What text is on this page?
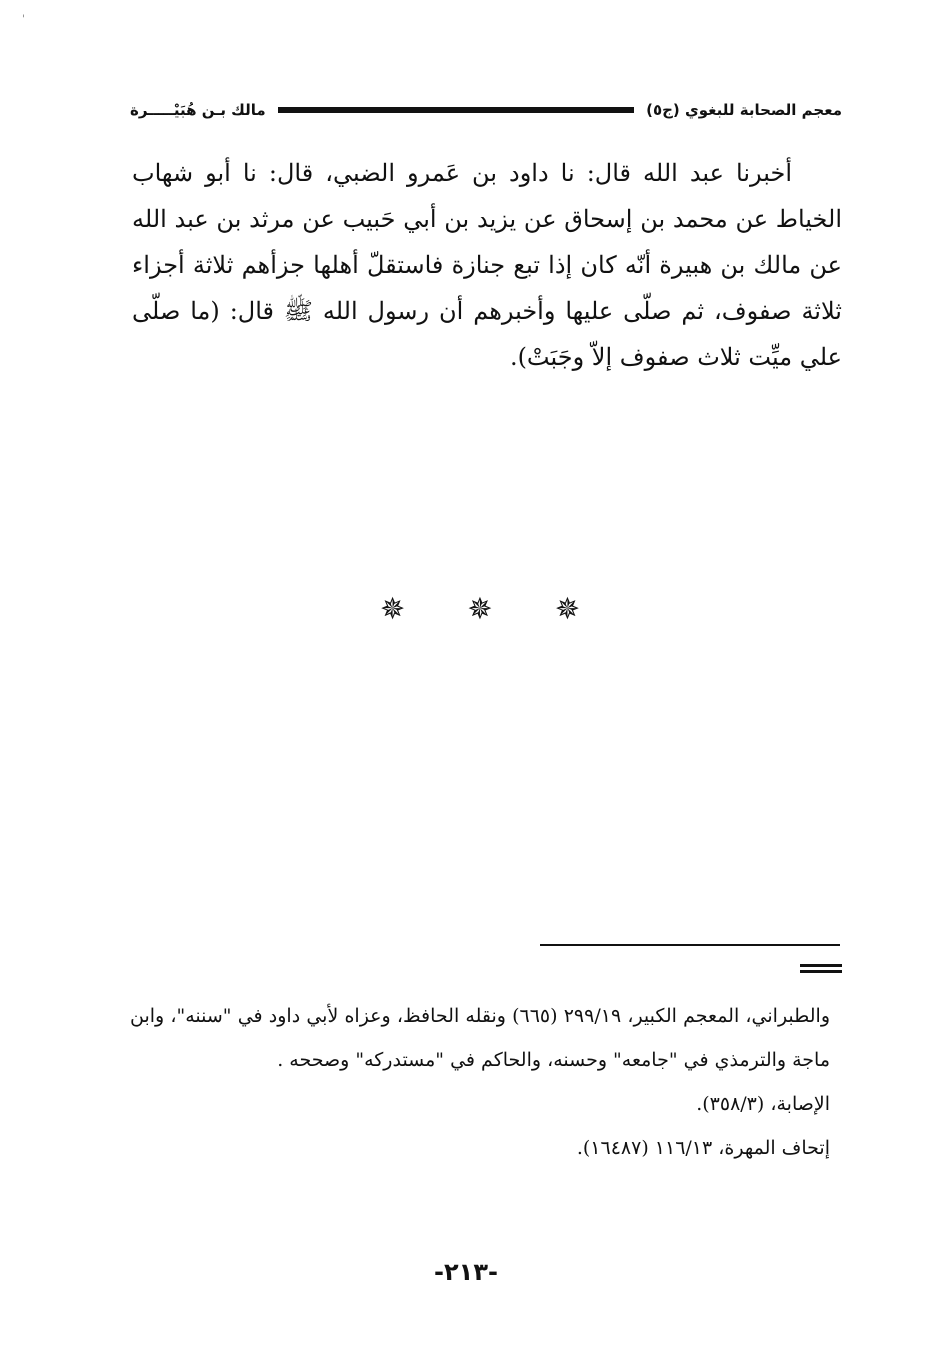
'
معجم الصحابة للبغوي (ج٥)
مالك بـن هُبَيْـــــرة

أخبرنا عبد الله قال: نا داود بن عَمرو الضبي، قال: نا أبو شهاب الخياط عن محمد بن إسحاق عن يزيد بن أبي حَبيب عن مرثد بن عبد الله عن مالك بن هبيرة أنّه كان إذا تبع جنازة فاستقلّ أهلها جزأهم ثلاثة أجزاء ثلاثة صفوف، ثم صلّى عليها وأخبرهم أن رسول الله ﷺ قال: (ما صلّى علي ميِّت ثلاث صفوف إلاّ وجَبَتْ).

✵ ✵ ✵

والطبراني، المعجم الكبير، ٢٩٩/١٩ (٦٦٥) ونقله الحافظ، وعزاه لأبي داود في "سننه"، وابن ماجة والترمذي في "جامعه" وحسنه، والحاكم في "مستدركه" وصححه .

الإصابة، (٣٥٨/٣).

إتحاف المهرة، ١١٦/١٣ (١٦٤٨٧).

-٢١٣-
